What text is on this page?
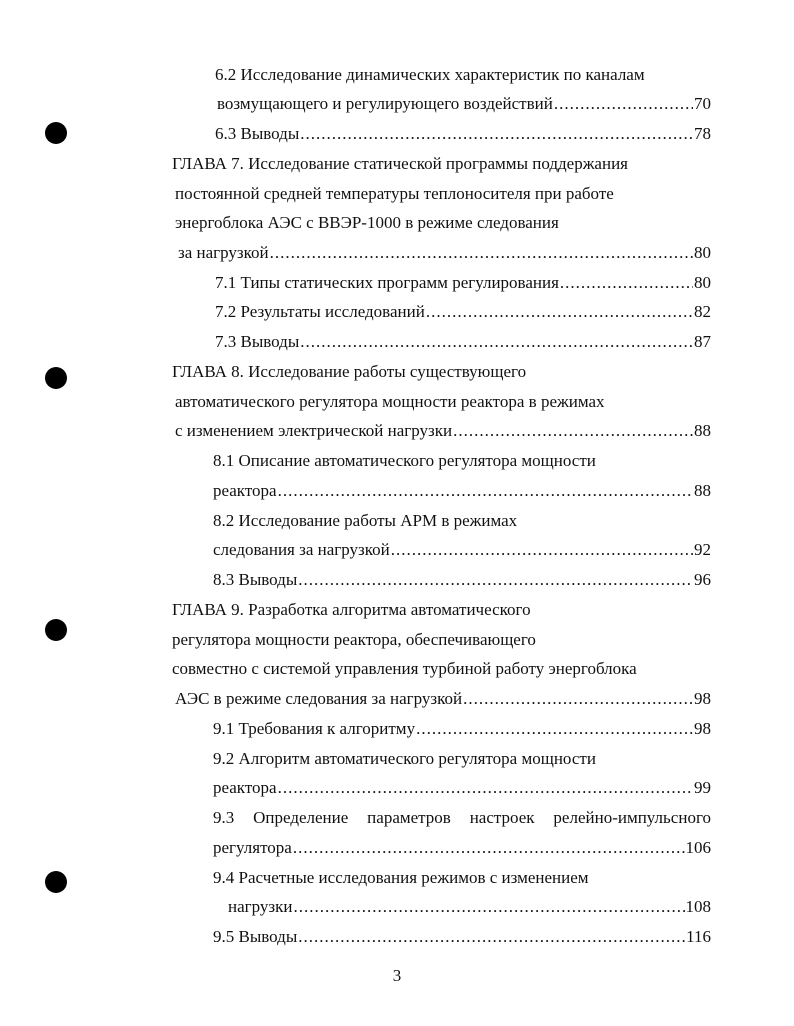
6.2 Исследование динамических характеристик по каналам
возмущающего и регулирующего воздействий .....	70
6.3 Выводы .....	78
ГЛАВА 7. Исследование статической программы поддержания
постоянной средней температуры теплоносителя при работе
энергоблока АЭС с ВВЭР-1000 в режиме следования
за нагрузкой .....	80
7.1 Типы статических программ регулирования .....	80
7.2 Результаты исследований .....	82
7.3 Выводы .....	87
ГЛАВА 8. Исследование работы существующего
автоматического регулятора мощности реактора в режимах
с изменением электрической нагрузки .....	88
8.1 Описание автоматического регулятора мощности
реактора .....	88
8.2 Исследование работы АРМ в режимах
следования за нагрузкой .....	92
8.3 Выводы .....	96
ГЛАВА 9. Разработка алгоритма автоматического
регулятора мощности реактора, обеспечивающего
совместно с системой управления турбиной работу энергоблока
АЭС в режиме следования за нагрузкой .....	98
9.1 Требования к алгоритму .....	98
9.2 Алгоритм автоматического регулятора мощности
реактора .....	99
9.3 Определение параметров настроек релейно-импульсного
регулятора .....	106
9.4 Расчетные исследования режимов с изменением
нагрузки .....	108
9.5 Выводы .....	116
3
